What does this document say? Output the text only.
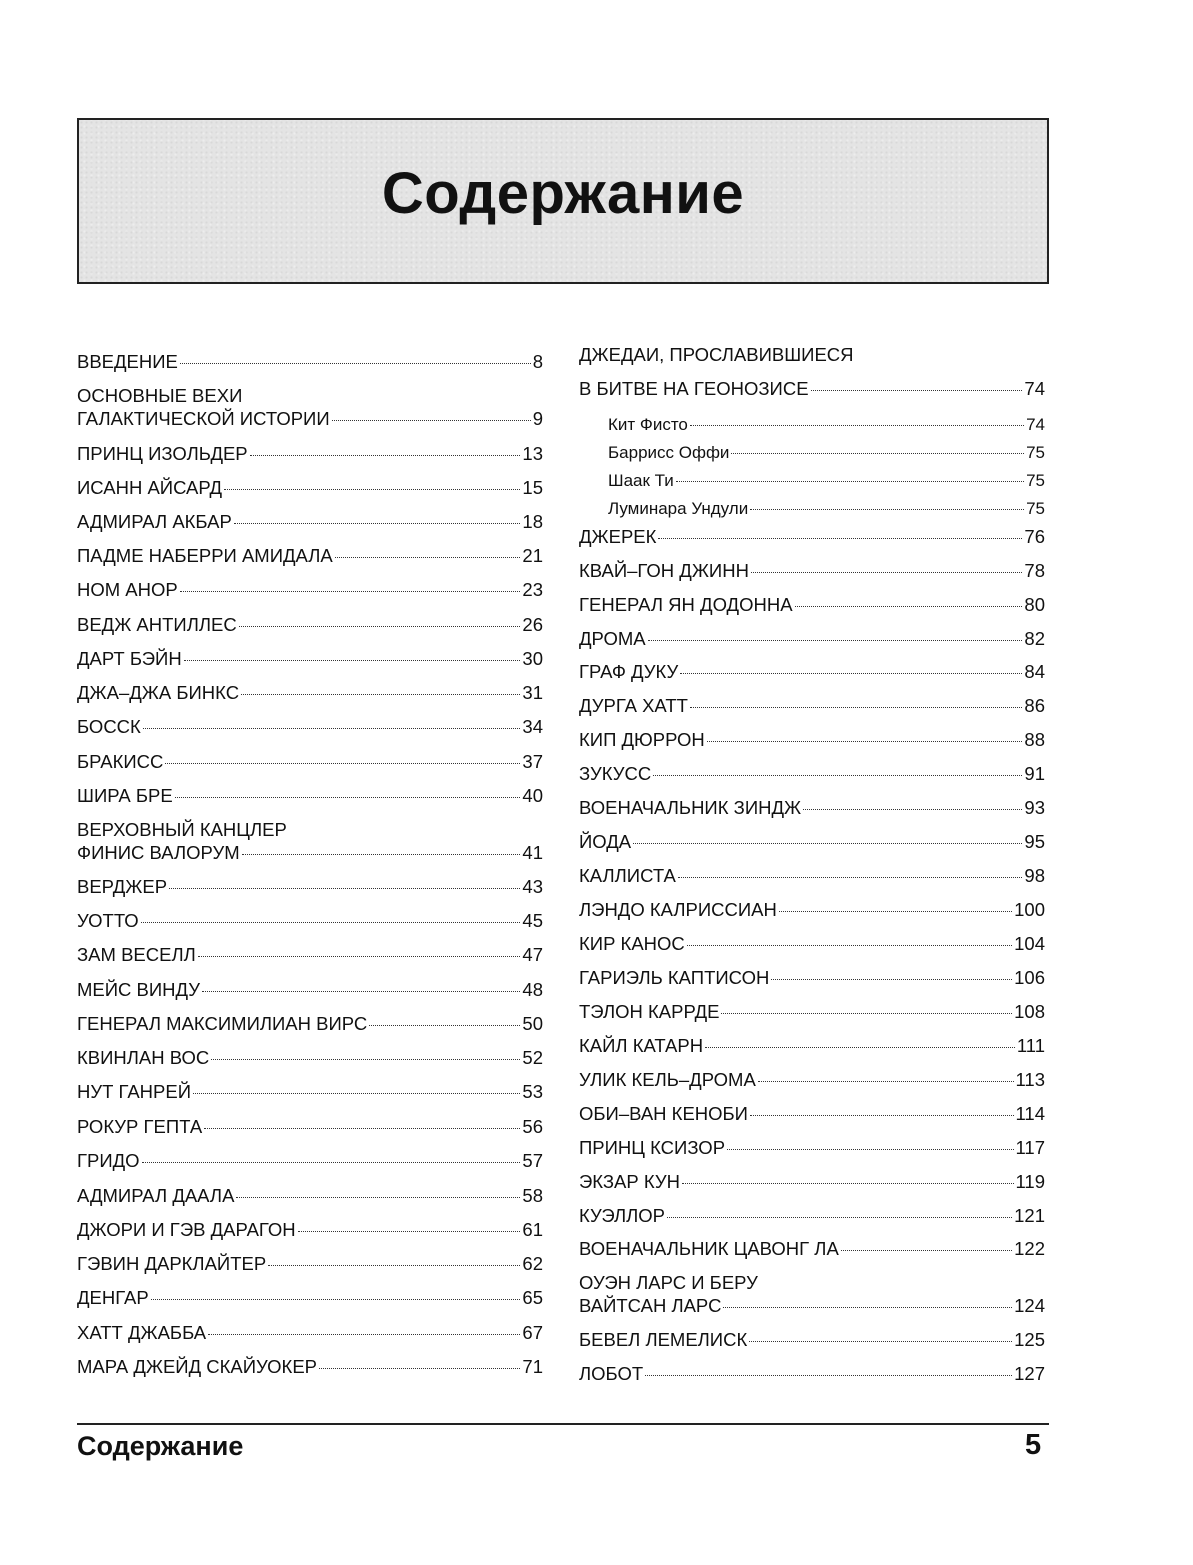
Содержание
ВВЕДЕНИЕ	8
ОСНОВНЫЕ ВЕХИ
ГАЛАКТИЧЕСКОЙ ИСТОРИИ	9
ПРИНЦ ИЗОЛЬДЕР	13
ИСАНН АЙСАРД	15
АДМИРАЛ АКБАР	18
ПАДМЕ НАБЕРРИ АМИДАЛА	21
НОМ АНОР	23
ВЕДЖ АНТИЛЛЕС	26
ДАРТ БЭЙН	30
ДЖА–ДЖА БИНКС	31
БОССК	34
БРАКИСС	37
ШИРА БРЕ	40
ВЕРХОВНЫЙ КАНЦЛЕР
ФИНИС ВАЛОРУМ	41
ВЕРДЖЕР	43
УОТТО	45
ЗАМ ВЕСЕЛЛ	47
МЕЙС ВИНДУ	48
ГЕНЕРАЛ МАКСИМИЛИАН ВИРС	50
КВИНЛАН ВОС	52
НУТ ГАНРЕЙ	53
РОКУР ГЕПТА	56
ГРИДО	57
АДМИРАЛ ДААЛА	58
ДЖОРИ И ГЭВ ДАРАГОН	61
ГЭВИН ДАРКЛАЙТЕР	62
ДЕНГАР	65
ХАТТ ДЖАББА	67
МАРА ДЖЕЙД СКАЙУОКЕР	71
ДЖЕДАИ, ПРОСЛАВИВШИЕСЯ
В БИТВЕ НА ГЕОНОЗИСЕ	74
Кит Фисто	74
Баррисс Оффи	75
Шаак Ти	75
Луминара Ундули	75
ДЖЕРЕК	76
КВАЙ–ГОН ДЖИНН	78
ГЕНЕРАЛ ЯН ДОДОННА	80
ДРОМА	82
ГРАФ ДУКУ	84
ДУРГА ХАТТ	86
КИП ДЮРРОН	88
ЗУКУСС	91
ВОЕНАЧАЛЬНИК ЗИНДЖ	93
ЙОДА	95
КАЛЛИСТА	98
ЛЭНДО КАЛРИССИАН	100
КИР КАНОС	104
ГАРИЭЛЬ КАПТИСОН	106
ТЭЛОН КАРРДЕ	108
КАЙЛ КАТАРН	111
УЛИК КЕЛЬ–ДРОМА	113
ОБИ–ВАН КЕНОБИ	114
ПРИНЦ КСИЗОР	117
ЭКЗАР КУН	119
КУЭЛЛОР	121
ВОЕНАЧАЛЬНИК ЦАВОНГ ЛА	122
ОУЭН ЛАРС И БЕРУ
ВАЙТСАН ЛАРС	124
БЕВЕЛ ЛЕМЕЛИСК	125
ЛОБОТ	127
Содержание	5
